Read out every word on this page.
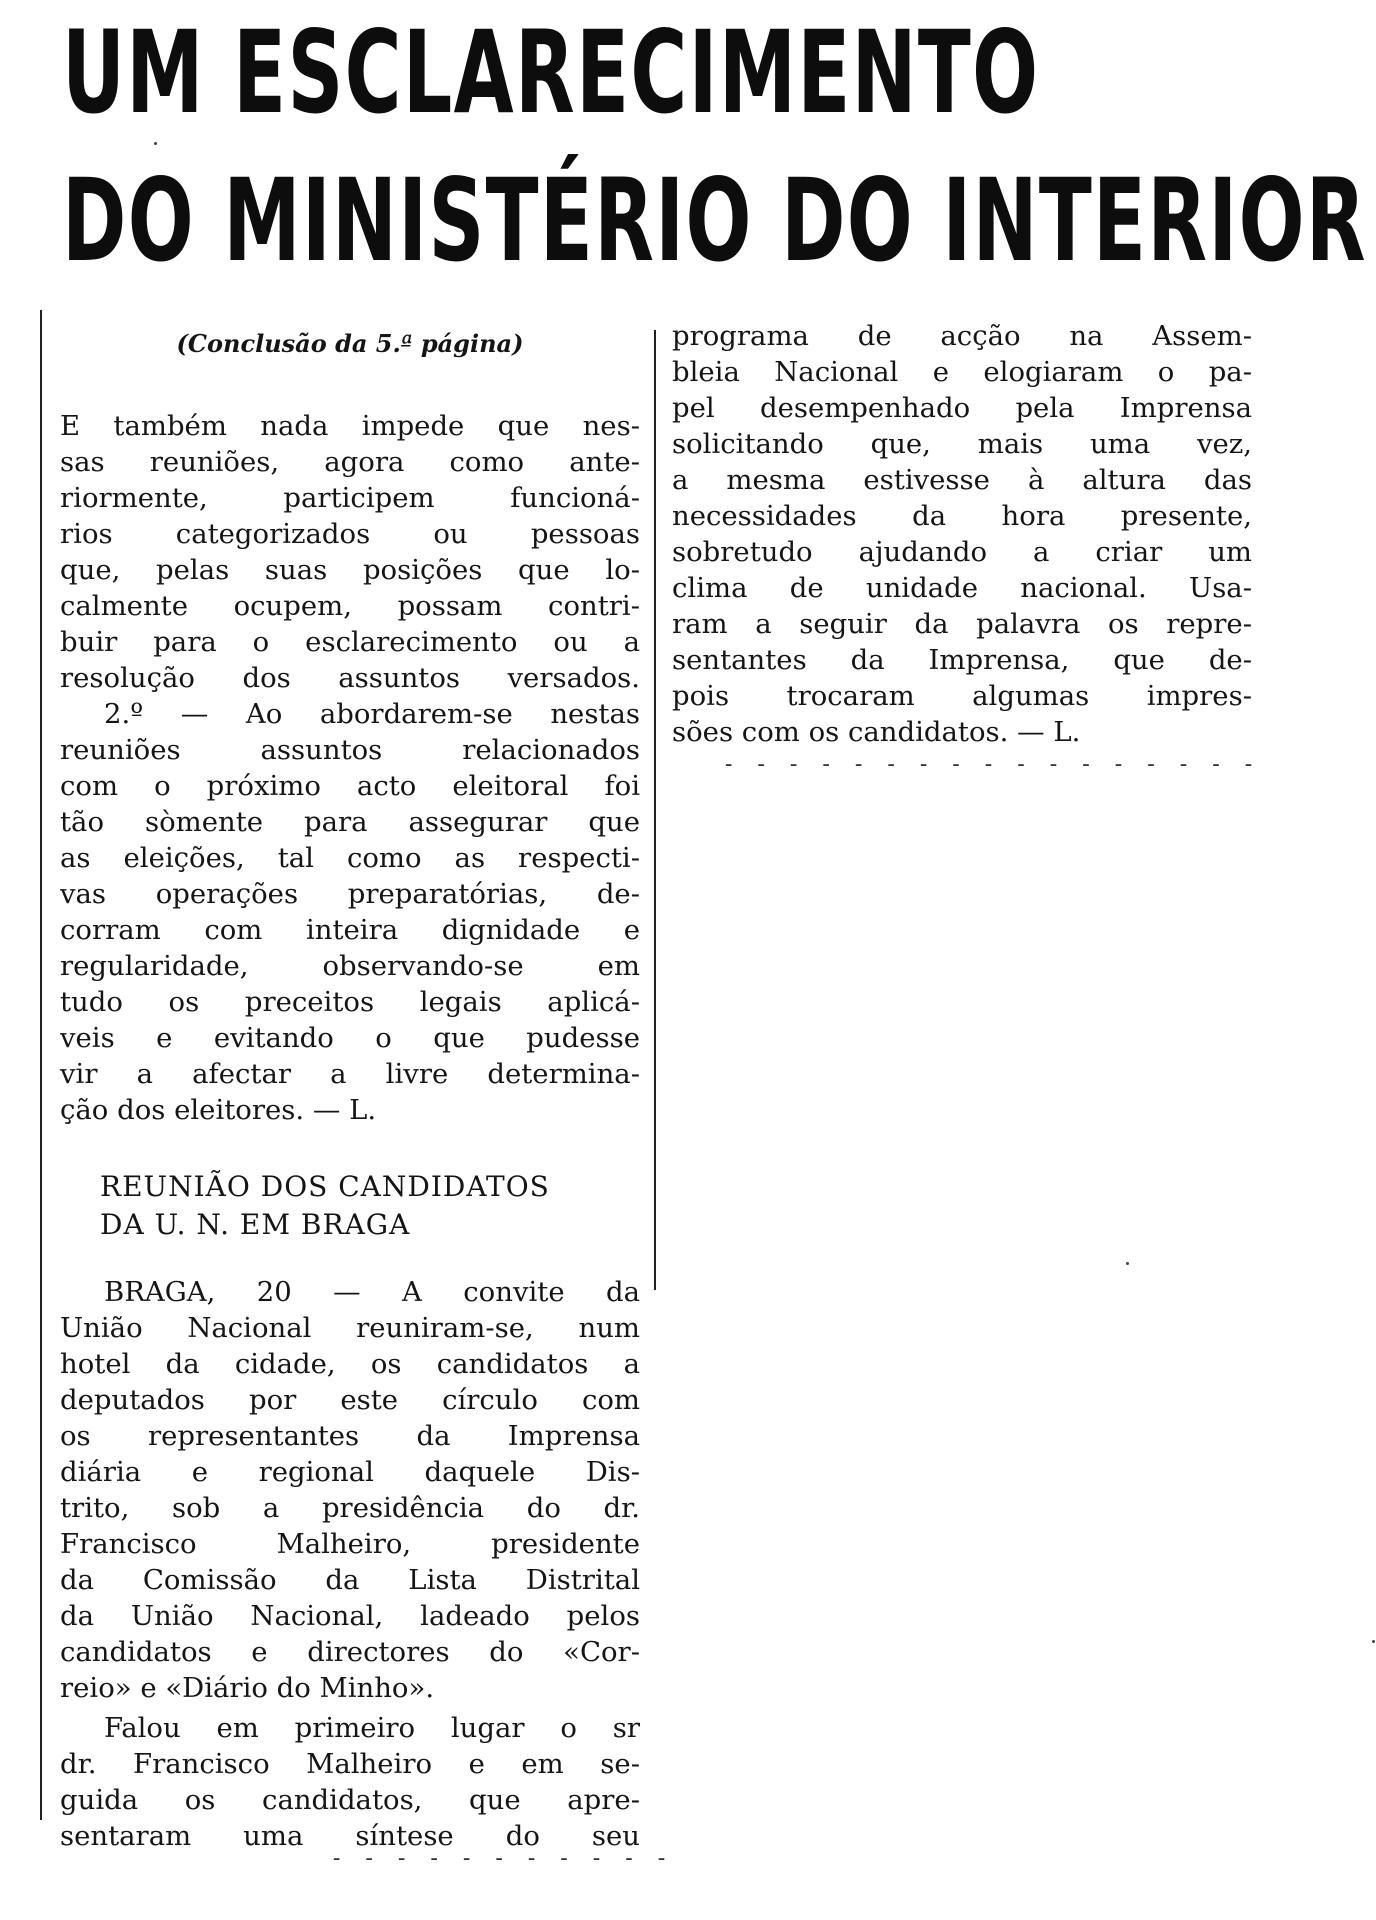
UM ESCLARECIMENTO
DO MINISTÉRIO DO INTERIOR

(Conclusão da 5.ª página)

E também nada impede que nes-

sas reuniões, agora como ante-

riormente, participem funcioná-

rios categorizados ou pessoas

que, pelas suas posições que lo-

calmente ocupem, possam contri-

buir para o esclarecimento ou a

resolução dos assuntos versados.

2.º — Ao abordarem-se nestas

reuniões assuntos relacionados

com o próximo acto eleitoral foi

tão sòmente para assegurar que

as eleições, tal como as respecti-

vas operações preparatórias, de-

corram com inteira dignidade e

regularidade, observando-se em

tudo os preceitos legais aplicá-

veis e evitando o que pudesse

vir a afectar a livre determina-

ção dos eleitores. — L.

REUNIÃO DOS CANDIDATOS

DA U. N. EM BRAGA

BRAGA, 20 — A convite da

União Nacional reuniram-se, num

hotel da cidade, os candidatos a

deputados por este círculo com

os representantes da Imprensa

diária e regional daquele Dis-

trito, sob a presidência do dr.

Francisco Malheiro, presidente

da Comissão da Lista Distrital

da União Nacional, ladeado pelos

candidatos e directores do «Cor-

reio» e «Diário do Minho».

Falou em primeiro lugar o sr

dr. Francisco Malheiro e em se-

guida os candidatos, que apre-

sentaram uma síntese do seu

programa de acção na Assem-

bleia Nacional e elogiaram o pa-

pel desempenhado pela Imprensa

solicitando que, mais uma vez,

a mesma estivesse à altura das

necessidades da hora presente,

sobretudo ajudando a criar um

clima de unidade nacional. Usa-

ram a seguir da palavra os repre-

sentantes da Imprensa, que de-

pois trocaram algumas impres-

sões com os candidatos. — L.

- - - - - - - - - - - - - - - - -
- - - - - - - - - - -
